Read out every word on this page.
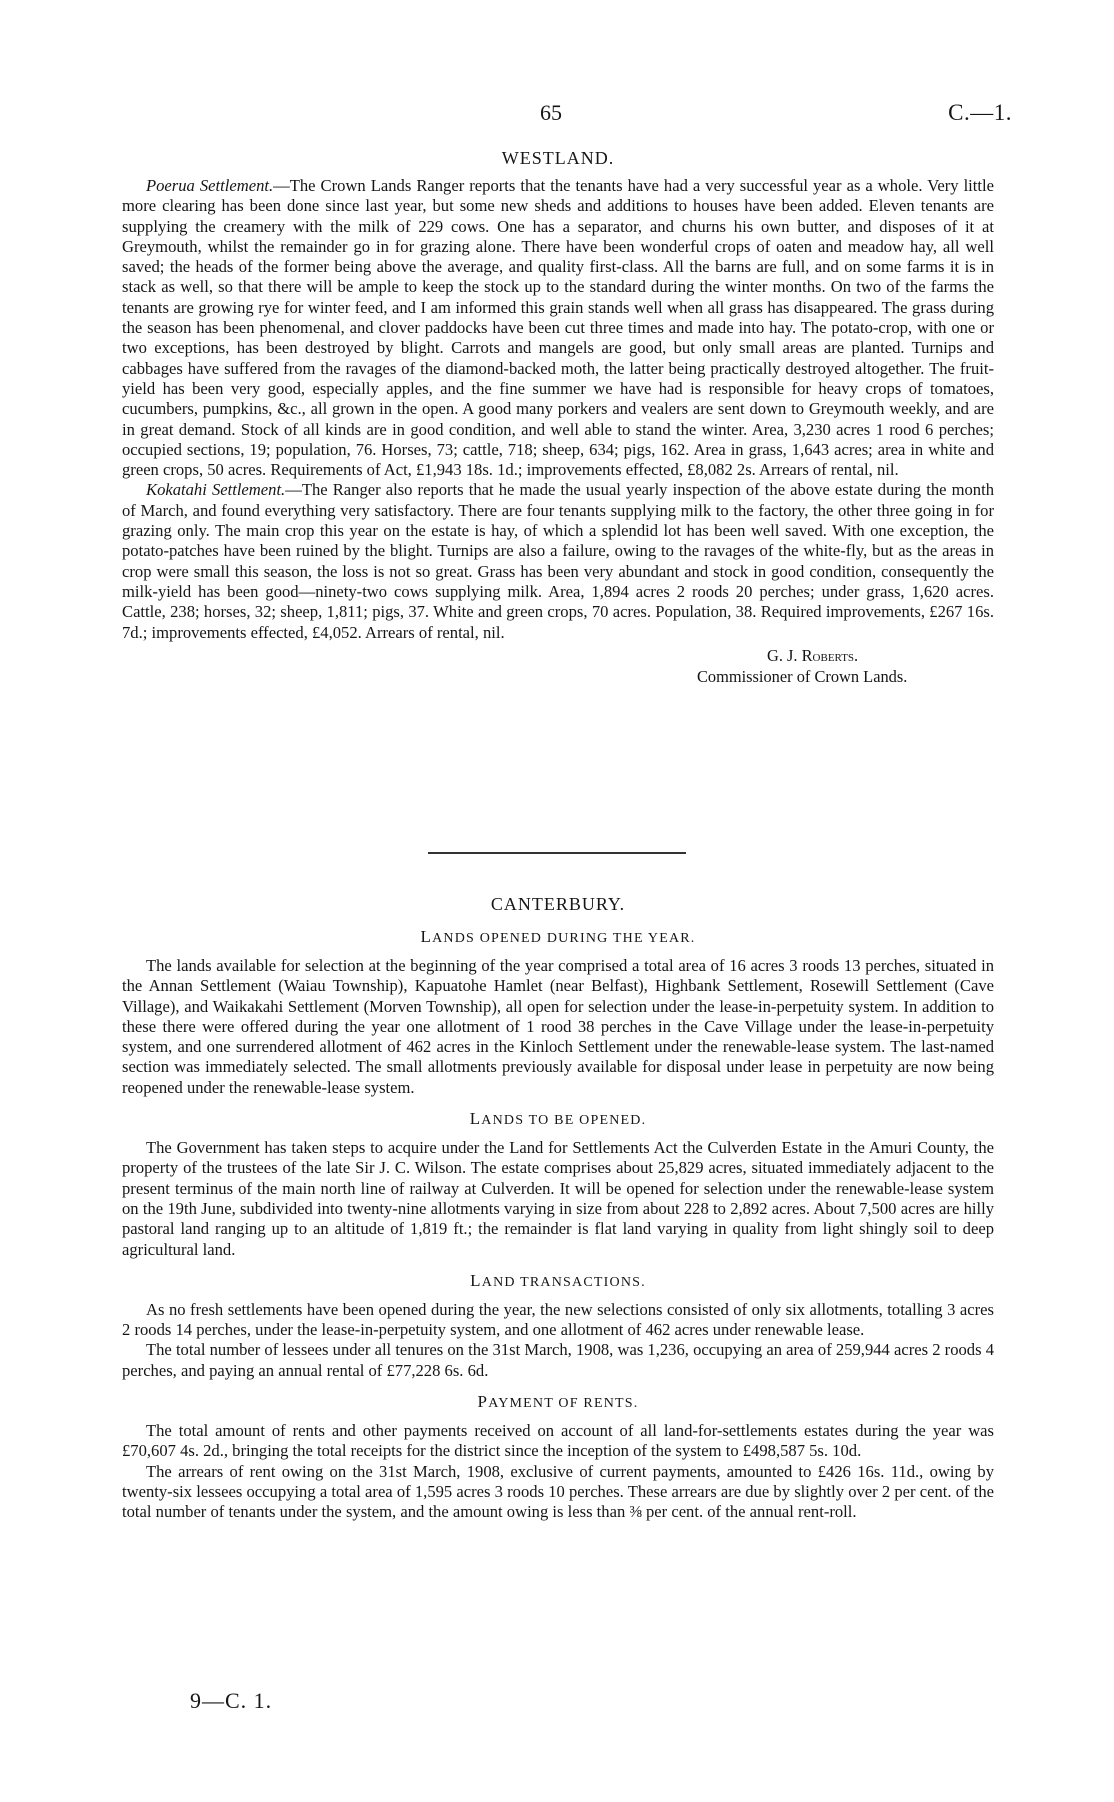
65	C.—1.
WESTLAND.

Poerua Settlement.—The Crown Lands Ranger reports that the tenants have had a very successful year as a whole. Very little more clearing has been done since last year, but some new sheds and additions to houses have been added. Eleven tenants are supplying the creamery with the milk of 229 cows. One has a separator, and churns his own butter, and disposes of it at Greymouth, whilst the remainder go in for grazing alone. There have been wonderful crops of oaten and meadow hay, all well saved; the heads of the former being above the average, and quality first-class. All the barns are full, and on some farms it is in stack as well, so that there will be ample to keep the stock up to the standard during the winter months. On two of the farms the tenants are growing rye for winter feed, and I am informed this grain stands well when all grass has disappeared. The grass during the season has been phenomenal, and clover paddocks have been cut three times and made into hay. The potato-crop, with one or two exceptions, has been destroyed by blight. Carrots and mangels are good, but only small areas are planted. Turnips and cabbages have suffered from the ravages of the diamond-backed moth, the latter being practically destroyed altogether. The fruit-yield has been very good, especially apples, and the fine summer we have had is responsible for heavy crops of tomatoes, cucumbers, pumpkins, &c., all grown in the open. A good many porkers and vealers are sent down to Greymouth weekly, and are in great demand. Stock of all kinds are in good condition, and well able to stand the winter. Area, 3,230 acres 1 rood 6 perches; occupied sections, 19; population, 76. Horses, 73; cattle, 718; sheep, 634; pigs, 162. Area in grass, 1,643 acres; area in white and green crops, 50 acres. Requirements of Act, £1,943 18s. 1d.; improvements effected, £8,082 2s. Arrears of rental, nil.

Kokatahi Settlement.—The Ranger also reports that he made the usual yearly inspection of the above estate during the month of March, and found everything very satisfactory. There are four tenants supplying milk to the factory, the other three going in for grazing only. The main crop this year on the estate is hay, of which a splendid lot has been well saved. With one exception, the potato-patches have been ruined by the blight. Turnips are also a failure, owing to the ravages of the white-fly, but as the areas in crop were small this season, the loss is not so great. Grass has been very abundant and stock in good condition, consequently the milk-yield has been good—ninety-two cows supplying milk. Area, 1,894 acres 2 roods 20 perches; under grass, 1,620 acres. Cattle, 238; horses, 32; sheep, 1,811; pigs, 37. White and green crops, 70 acres. Population, 38. Required improvements, £267 16s. 7d.; improvements effected, £4,052. Arrears of rental, nil.

G. J. Roberts.
Commissioner of Crown Lands.
CANTERBURY.
LANDS OPENED DURING THE YEAR.

The lands available for selection at the beginning of the year comprised a total area of 16 acres 3 roods 13 perches, situated in the Annan Settlement (Waiau Township), Kapuatohe Hamlet (near Belfast), Highbank Settlement, Rosewill Settlement (Cave Village), and Waikakahi Settlement (Morven Township), all open for selection under the lease-in-perpetuity system. In addition to these there were offered during the year one allotment of 1 rood 38 perches in the Cave Village under the lease-in-perpetuity system, and one surrendered allotment of 462 acres in the Kinloch Settlement under the renewable-lease system. The last-named section was immediately selected. The small allotments previously available for disposal under lease in perpetuity are now being reopened under the renewable-lease system.

LANDS TO BE OPENED.

The Government has taken steps to acquire under the Land for Settlements Act the Culverden Estate in the Amuri County, the property of the trustees of the late Sir J. C. Wilson. The estate comprises about 25,829 acres, situated immediately adjacent to the present terminus of the main north line of railway at Culverden. It will be opened for selection under the renewable-lease system on the 19th June, subdivided into twenty-nine allotments varying in size from about 228 to 2,892 acres. About 7,500 acres are hilly pastoral land ranging up to an altitude of 1,819 ft.; the remainder is flat land varying in quality from light shingly soil to deep agricultural land.

LAND TRANSACTIONS.

As no fresh settlements have been opened during the year, the new selections consisted of only six allotments, totalling 3 acres 2 roods 14 perches, under the lease-in-perpetuity system, and one allotment of 462 acres under renewable lease.

The total number of lessees under all tenures on the 31st March, 1908, was 1,236, occupying an area of 259,944 acres 2 roods 4 perches, and paying an annual rental of £77,228 6s. 6d.

PAYMENT OF RENTS.

The total amount of rents and other payments received on account of all land-for-settlements estates during the year was £70,607 4s. 2d., bringing the total receipts for the district since the inception of the system to £498,587 5s. 10d.

The arrears of rent owing on the 31st March, 1908, exclusive of current payments, amounted to £426 16s. 11d., owing by twenty-six lessees occupying a total area of 1,595 acres 3 roods 10 perches. These arrears are due by slightly over 2 per cent. of the total number of tenants under the system, and the amount owing is less than ⅜ per cent. of the annual rent-roll.

9—C. 1.
